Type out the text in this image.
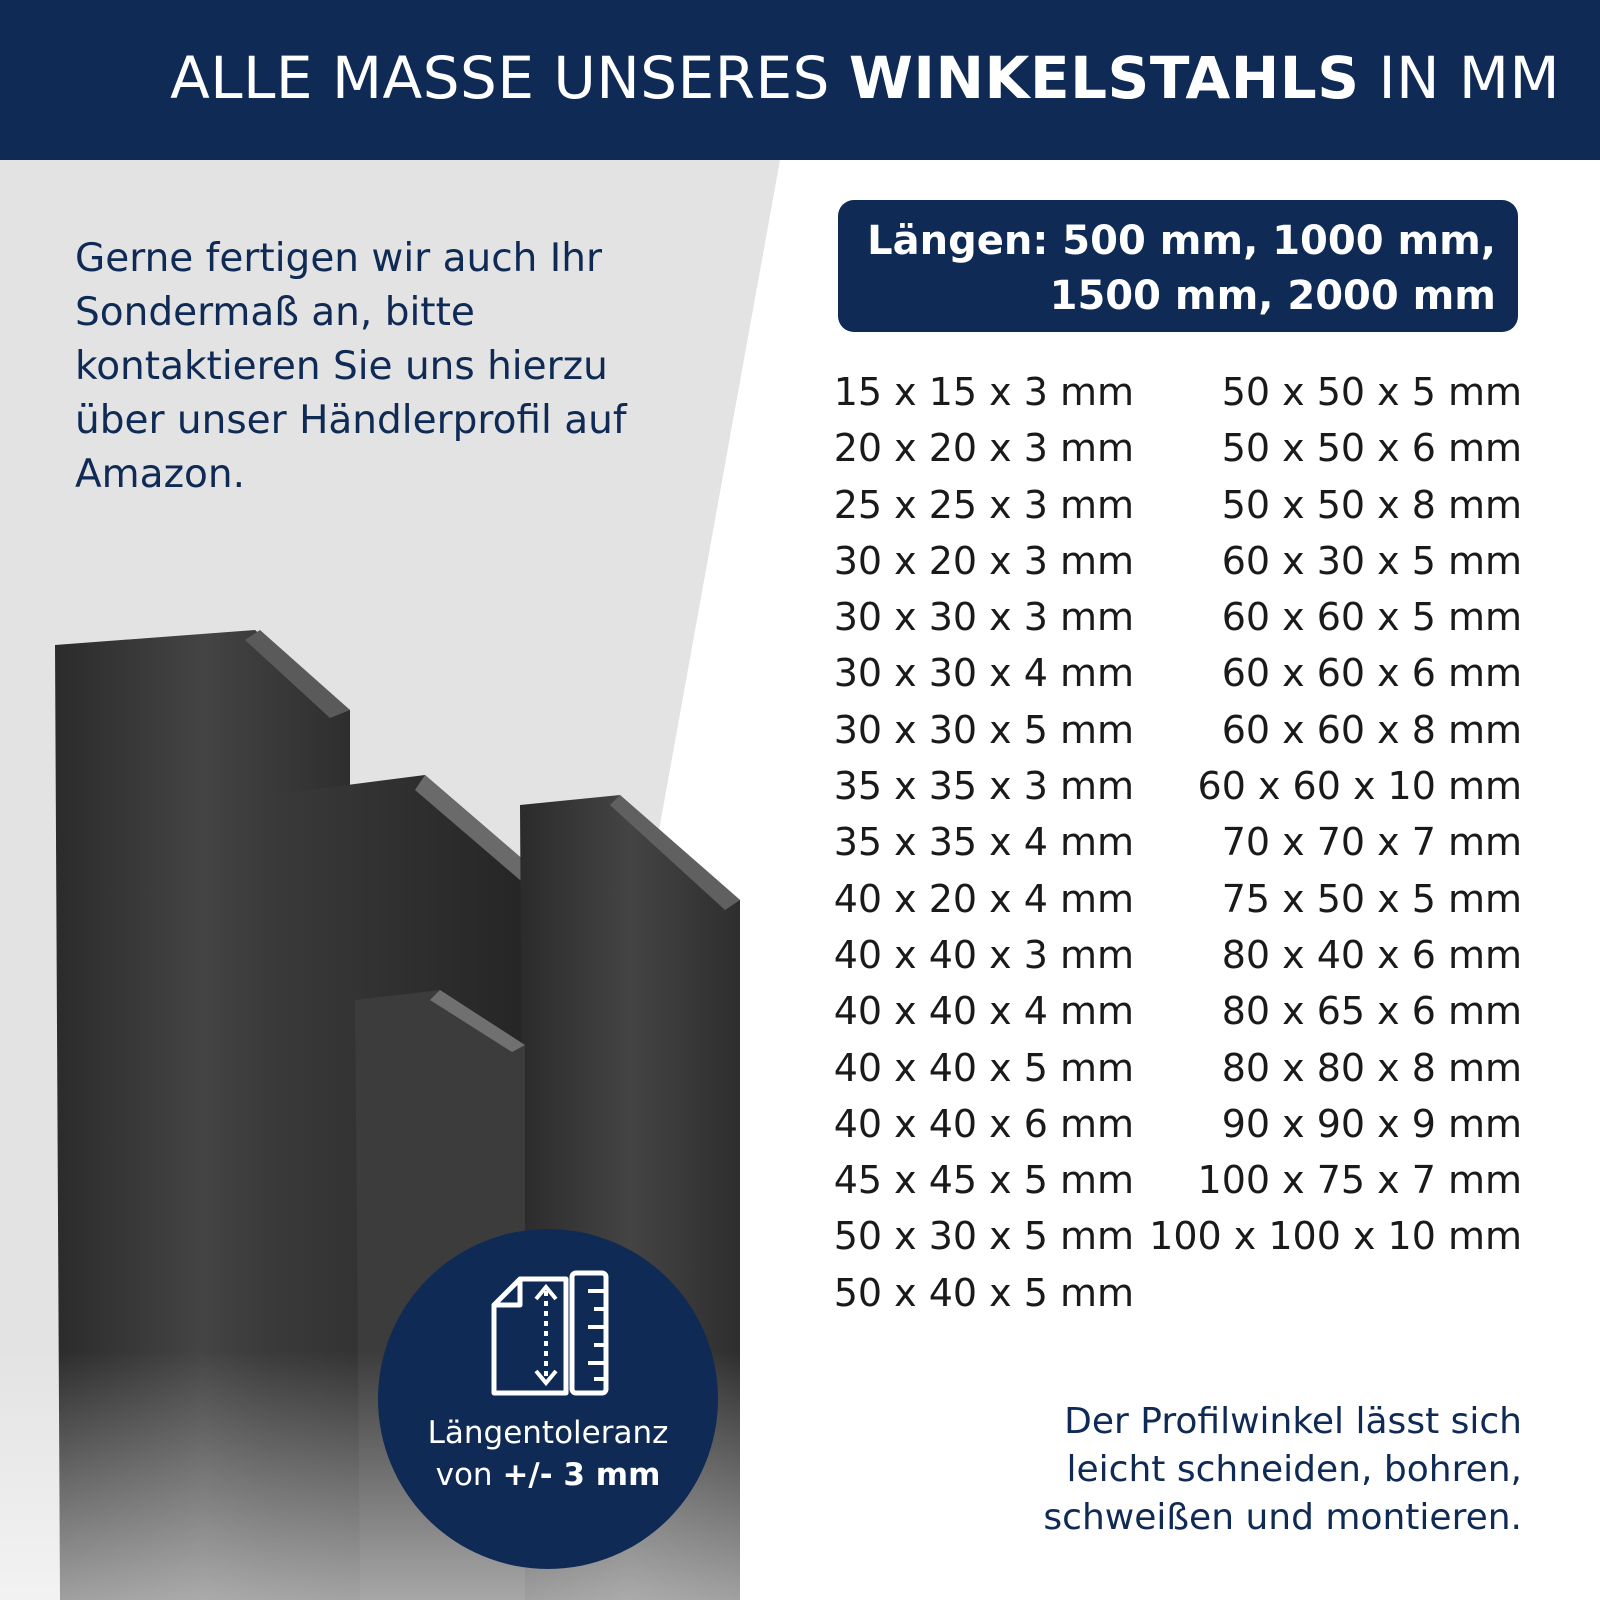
ALLE MASSE UNSERES WINKELSTAHLS IN MM
Gerne fertigen wir auch Ihr Sondermaß an, bitte kontaktieren Sie uns hierzu über unser Händlerprofil auf Amazon.
Längen: 500 mm, 1000 mm,
1500 mm, 2000 mm
15 x 15 x 3 mm
20 x 20 x 3 mm
25 x 25 x 3 mm
30 x 20 x 3 mm
30 x 30 x 3 mm
30 x 30 x 4 mm
30 x 30 x 5 mm
35 x 35 x 3 mm
35 x 35 x 4 mm
40 x 20 x 4 mm
40 x 40 x 3 mm
40 x 40 x 4 mm
40 x 40 x 5 mm
40 x 40 x 6 mm
45 x 45 x 5 mm
50 x 30 x 5 mm
50 x 40 x 5 mm
50 x 50 x 5 mm
50 x 50 x 6 mm
50 x 50 x 8 mm
60 x 30 x 5 mm
60 x 60 x 5 mm
60 x 60 x 6 mm
60 x 60 x 8 mm
60 x 60 x 10 mm
70 x 70 x 7 mm
75 x 50 x 5 mm
80 x 40 x 6 mm
80 x 65 x 6 mm
80 x 80 x 8 mm
90 x 90 x 9 mm
100 x 75 x 7 mm
100 x 100 x 10 mm
Längentoleranz
von +/- 3 mm
Der Profilwinkel lässt sich
leicht schneiden, bohren,
schweißen und montieren.
